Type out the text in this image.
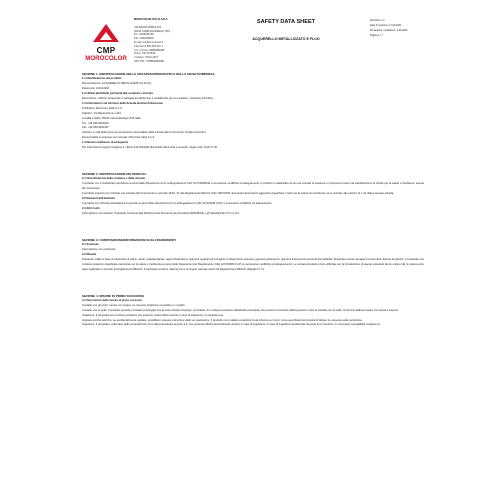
CMP
MOROCOLOR
MOROCOLOR ITALIA S.P.A.
VIA BASSA PRIMA 224
35011 CAMPODARSEGO (PD)
Tel.: 0499201190
Fax: 0499208187
E-mail: info@morocolor.it
Cap.Soc.€ 850.000,00 i.v.
C.F. e P.Iva: 03882080289
R.E.A. PD 341544
Cod.Ecc. PD14.3467
VAT/TVA: IT03882080289
SAFETY DATA SHEET
ACQUERELLO METALLIZZATO E FLUO
Revisione n.3
Data di revisione: 17-03-2021
Precedente / sostituisce: 2-03-2021
Pagina 1 / 7
SEZIONE 1: IDENTIFICAZIONE DELLA SOSTANZA/PREPARATO E DELLA SOCIETÀ/IMPRESA
1.1 Identificazione del prodotto
Denominazione: ACQUERELLO METALLIZZATO E FLUO
Referenza: 116A12FM
1.2 Utilizzi identificati pertinenti alla sostanza o miscela:
Descrizione / utilizzo: Acquerello in pastiglia ad effetto fluo e metallizzato per uso artistico, scolastico ed hobby.
1.3 Informazioni sul fornitore della Scheda dei Dati di Sicurezza
Produttore: Morocolor Italia S.p.A.
Indirizzo: Via Bassa Prima n.224
Località e Stato: 35011 Campodarsego (Pd) Italia
Tel.: +39 049 9201190
Fax: +39 049 9201187
Indirizzo e-mail della persona competente responsabile della scheda dati di sicurezza: info@morocolor.it
Responsabile immissione sul mercato: Morocolor Italia S.p.A.
1.4 Numero telefonico di emergenza
Per informazioni urgenti rivolgersi a: Ufficio 049 9201190 disponibile dal lunedì a venerdì, meglio orari: 8,30-17,30
SEZIONE 2: IDENTIFICAZIONE DEI PERICOLI
2.1 Classificazione della sostanza o della miscela
Il prodotto non è classificato pericoloso ai sensi delle disposizioni di cui al Regolamento CLP 1272/2008/CE e successive modifiche ed adeguamenti. Il prodotto è classificato come una miscela di sostanze e componenti esenti da classificazione di rischio per la salute e l'ambiente, esente da conservanti.
Il prodotto pertanto non richiede una scheda dati di sicurezza in accordo all'Art. 31 del Regolamento REACh (CE) 1907/2006. Eventuali informazioni aggiuntive riguardanti i rischi per la salute e/o l'ambiente sono riportate alle sezioni 11 e 12 della presente scheda.
2.2 Elementi dell'etichetta
Il prodotto non richiede etichettatura di pericolo ai sensi delle disposizioni di cui al Regolamento (CE) 1272/2008 (CLP) e successive modifiche ed adeguamenti.
2.3 Altri rischi
Informazione non rilevanti. Preparato conforme alla Direttiva sulla Sicurezza dei Giocattoli 2009/48/CE e gli Standard EN 71-1-2-3-9.
SEZIONE 3: COMPOSIZIONE/INFORMAZIONI SUGLI INGREDIENTI
3.1 Sostanze:
Informazione non pertinente
3.2 Miscele
Preparato solido a base di carbonato di calcio, amidi, polietilenglicole, agenti disperdenti, pigmenti organici ed inorganici in dispersione acquosa, pigmenti perlescenti, pigmenti fluorescenti esenti da formaldeide. Preparato esente da agenti conservanti. Esente da glutine. Il preparato non contiene sostanze classificate pericolose per la salute o l'ambiente ai sensi delle disposizioni del Regolamento (CE) 1272/2008 (CLP) (e successive modifiche ed adeguamenti). Le sostanze/materie prime utilizzate per la formulazione di questo preparato fanno origine UE, le stesse sono state registrate in accordo al Regolamento REACh. Il preparato contiene materie prime di origine naturale esenti da Registrazione REACh (Allegati VI, V).
SEZIONE 4: MISURE DI PRIMO SOCCORSO
4.1 Descrizione delle misure di primo soccorso
Contatto con gli occhi: Lavare con acqua: se compare irritazione consultare un medico.
Contatto con la pelle: Il prodotto prevede il contatto prolungato con la mani durante l'impiego. Il prodotto non contiene sostanze classificate pericolose che possono provocare effetti avversi in caso di contatto con la pelle. Al termine dell'uso lavare con acqua e sapone.
Inalazione: Il preparato non contiene sostanze che possono creare effetti avversi in caso di inalazione. Il preparato può
originare pozzie pelli che, se accidentalmente aspirate, potrebbero causare ostruzione delle vie respiratorie. Il prodotto non è adatto a bambini di età inferiore ai 3 anni, come specificato dal simbolo di divieto 3+ presente sulla confezione.
Ingestione: Il preparato, sulla base della composizione di cui alla precedente sezione 3.2, non presenta effetti potenzialmente avversi in caso di ingestione. In caso di ingestione accidentale da parte di un bambino, è comunque consigliabile rivolgersi al
